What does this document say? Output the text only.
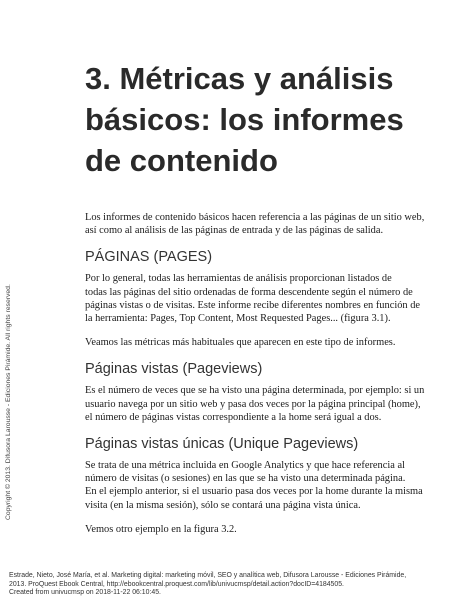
3. Métricas y análisis
básicos: los informes
de contenido

Los informes de contenido básicos hacen referencia a las páginas de un sitio web,
así como al análisis de las páginas de entrada y de las páginas de salida.

PÁGINAS (PAGES)

Por lo general, todas las herramientas de análisis proporcionan listados de
todas las páginas del sitio ordenadas de forma descendente según el número de
páginas vistas o de visitas. Este informe recibe diferentes nombres en función de
la herramienta: Pages, Top Content, Most Requested Pages... (figura 3.1).

Veamos las métricas más habituales que aparecen en este tipo de informes.

Páginas vistas (Pageviews)

Es el número de veces que se ha visto una página determinada, por ejemplo: si un
usuario navega por un sitio web y pasa dos veces por la página principal (home),
el número de páginas vistas correspondiente a la home será igual a dos.

Páginas vistas únicas (Unique Pageviews)

Se trata de una métrica incluida en Google Analytics y que hace referencia al
número de visitas (o sesiones) en las que se ha visto una determinada página.
En el ejemplo anterior, si el usuario pasa dos veces por la home durante la misma
visita (en la misma sesión), sólo se contará una página vista única.

Vemos otro ejemplo en la figura 3.2.

Copyright © 2013. Difusora Larousse - Ediciones Pirámide. All rights reserved.
Estrade, Nieto, José María, et al. Marketing digital: marketing móvil, SEO y analítica web, Difusora Larousse - Ediciones Pirámide,
2013. ProQuest Ebook Central, http://ebookcentral.proquest.com/lib/univucmsp/detail.action?docID=4184505.
Created from univucmsp on 2018-11-22 06:10:45.
